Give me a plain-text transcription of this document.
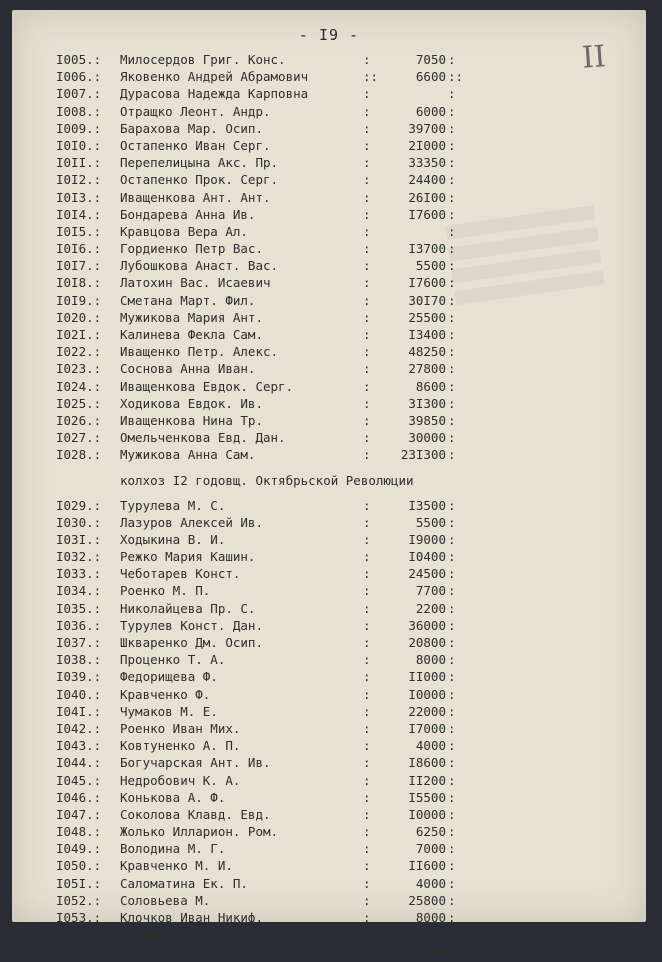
- I9 -
II
I005.:	Милосердов Григ. Конс.	:	7050 :
I006.:	Яковенко Андрей Абрамович	::	6600 ::
I007.:	Дурасова Надежда Карповна	:	:
I008.:	Отращко Леонт. Андр.	:	6000 :
I009.:	Барахова Мар. Осип.	:	39700 :
I0I0.:	Остапенко Иван Серг.	:	2I000 :
I0II.:	Перепелицына Акс. Пр.	:	33350 :
I0I2.:	Остапенко Прок. Серг.	:	24400 :
I0I3.:	Иващенкова Ант. Ант.	:	26I00 :
I0I4.:	Бондарева Анна Ив.	:	I7600 :
I0I5.:	Кравцова Вера Ал.	:	:
I0I6.:	Гордиенко Петр Вас.	:	I3700 :
I0I7.:	Лубошкова Анаст. Вас.	:	5500 :
I0I8.:	Латохин Вас. Исаевич	:	I7600 :
I0I9.:	Сметана Март. Фил.	:	30I70 :
I020.:	Мужикова Мария Ант.	:	25500 :
I02I.:	Калинева Фекла Сам.	:	I3400 :
I022.:	Иващенко Петр. Алекс.	:	48250 :
I023.:	Соснова Анна Иван.	:	27800 :
I024.:	Иващенкова Евдок. Серг.	:	8600 :
I025.:	Ходикова Евдок. Ив.	:	3I300 :
I026.:	Иващенкова Нина Тр.	:	39850 :
I027.:	Омельченкова Евд. Дан.	:	30000 :
I028.:	Мужикова Анна Сам.	:	23I300 :
колхоз I2 годовщ. Октябрьской Революции
I029.:	Турулева М. С.	:	I3500 :
I030.:	Лазуров Алексей Ив.	:	5500 :
I03I.:	Ходыкина В. И.	:	I9000 :
I032.:	Режко Мария Кашин.	:	I0400 :
I033.:	Чеботарев Конст.	:	24500 :
I034.:	Роенко М. П.	:	7700 :
I035.:	Николайцева Пр. С.	:	2200 :
I036.:	Турулев Конст. Дан.	:	36000 :
I037.:	Шкваренко Дм. Осип.	:	20800 :
I038.:	Проценко Т. А.	:	8000 :
I039.:	Федорищева Ф.	:	II000 :
I040.:	Кравченко Ф.	:	I0000 :
I04I.:	Чумаков М. Е.	:	22000 :
I042.:	Роенко Иван Мих.	:	I7000 :
I043.:	Ковтуненко А. П.	:	4000 :
I044.:	Богучарская Ант. Ив.	:	I8600 :
I045.:	Недробович К. А.	:	II200 :
I046.:	Конькова А. Ф.	:	I5500 :
I047.:	Соколова Клавд. Евд.	:	I0000 :
I048.:	Жолько Илларион. Ром.	:	6250 :
I049.:	Володина М. Г.	:	7000 :
I050.:	Кравченко М. И.	:	II600 :
I05I.:	Саломатина Ек. П.	:	4000 :
I052.:	Соловьева М.	:	25800 :
I053.:	Клочков Иван Никиф.	:	8000 :
I054.:	Рыбальченко Иван Яковлевич	:	6I00 :
I055.:	Малова Е. Ф.	:	I2300 :
